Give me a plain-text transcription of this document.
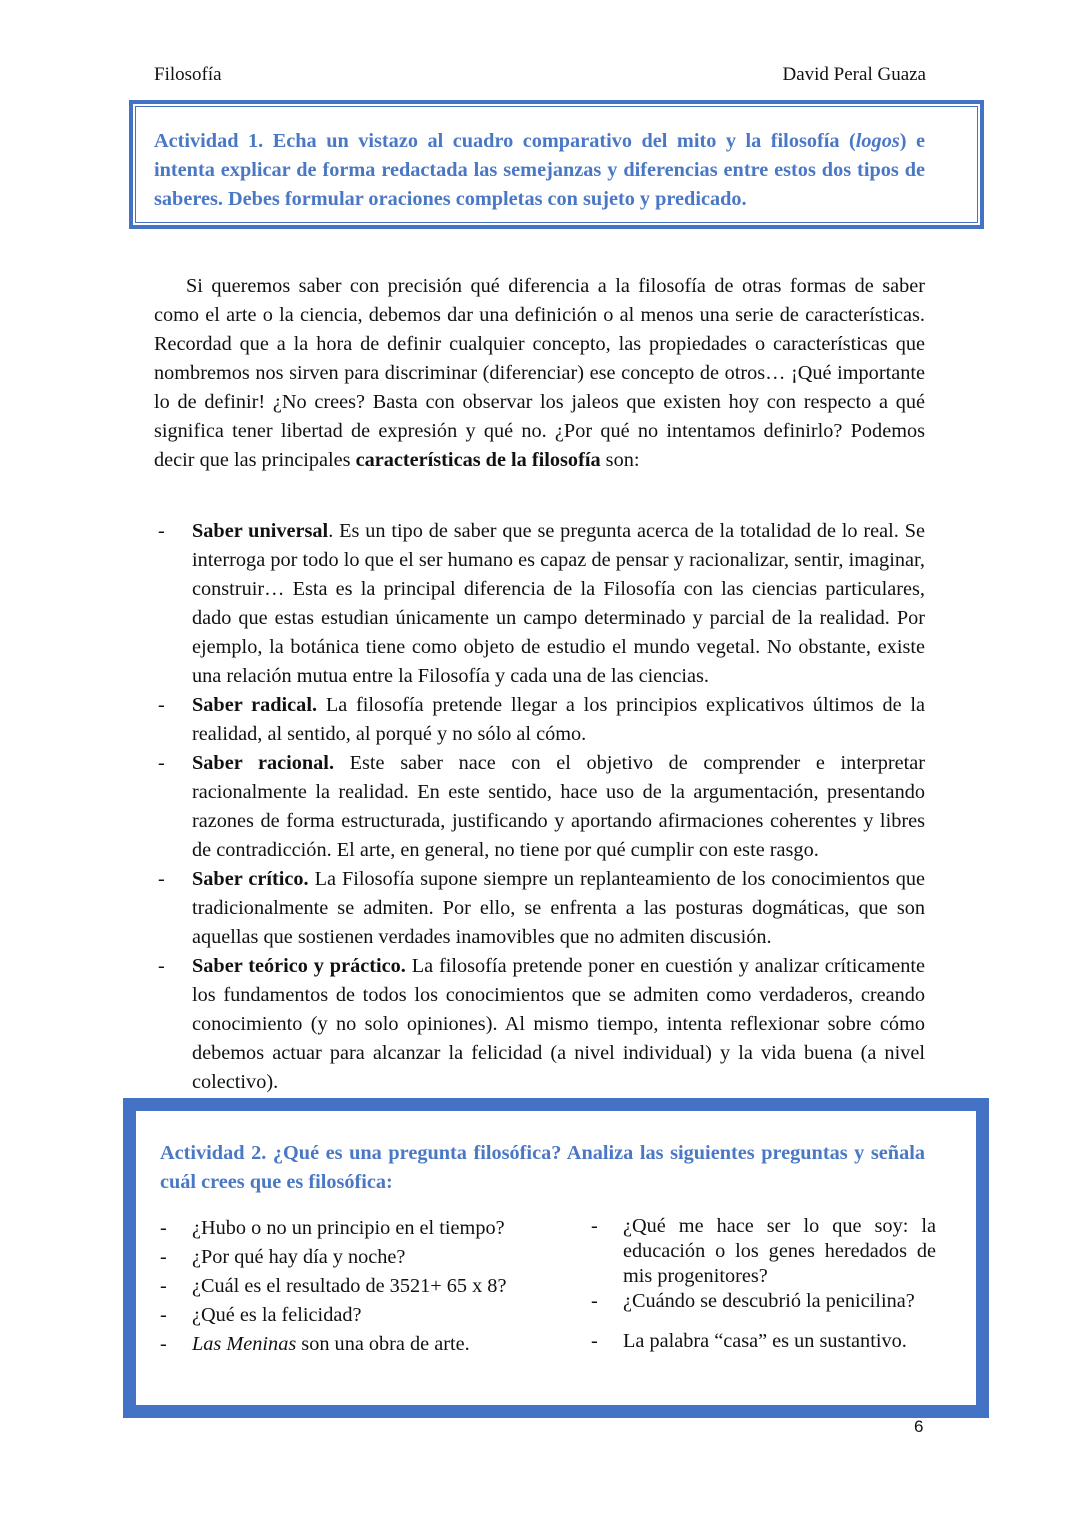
Filosofía	David Peral Guaza
Actividad 1. Echa un vistazo al cuadro comparativo del mito y la filosofía (logos) e intenta explicar de forma redactada las semejanzas y diferencias entre estos dos tipos de saberes. Debes formular oraciones completas con sujeto y predicado.
Si queremos saber con precisión qué diferencia a la filosofía de otras formas de saber como el arte o la ciencia, debemos dar una definición o al menos una serie de características. Recordad que a la hora de definir cualquier concepto, las propiedades o características que nombremos nos sirven para discriminar (diferenciar) ese concepto de otros… ¡Qué importante lo de definir! ¿No crees? Basta con observar los jaleos que existen hoy con respecto a qué significa tener libertad de expresión y qué no. ¿Por qué no intentamos definirlo? Podemos decir que las principales características de la filosofía son:
- Saber universal. Es un tipo de saber que se pregunta acerca de la totalidad de lo real. Se interroga por todo lo que el ser humano es capaz de pensar y racionalizar, sentir, imaginar, construir… Esta es la principal diferencia de la Filosofía con las ciencias particulares, dado que estas estudian únicamente un campo determinado y parcial de la realidad. Por ejemplo, la botánica tiene como objeto de estudio el mundo vegetal. No obstante, existe una relación mutua entre la Filosofía y cada una de las ciencias.
- Saber radical. La filosofía pretende llegar a los principios explicativos últimos de la realidad, al sentido, al porqué y no sólo al cómo.
- Saber racional. Este saber nace con el objetivo de comprender e interpretar racionalmente la realidad. En este sentido, hace uso de la argumentación, presentando razones de forma estructurada, justificando y aportando afirmaciones coherentes y libres de contradicción. El arte, en general, no tiene por qué cumplir con este rasgo.
- Saber crítico. La Filosofía supone siempre un replanteamiento de los conocimientos que tradicionalmente se admiten. Por ello, se enfrenta a las posturas dogmáticas, que son aquellas que sostienen verdades inamovibles que no admiten discusión.
- Saber teórico y práctico. La filosofía pretende poner en cuestión y analizar críticamente los fundamentos de todos los conocimientos que se admiten como verdaderos, creando conocimiento (y no solo opiniones). Al mismo tiempo, intenta reflexionar sobre cómo debemos actuar para alcanzar la felicidad (a nivel individual) y la vida buena (a nivel colectivo).
Actividad 2. ¿Qué es una pregunta filosófica? Analiza las siguientes preguntas y señala cuál crees que es filosófica:
- ¿Hubo o no un principio en el tiempo?
- ¿Por qué hay día y noche?
- ¿Cuál es el resultado de 3521+ 65 x 8?
- ¿Qué es la felicidad?
- Las Meninas son una obra de arte.
- ¿Qué me hace ser lo que soy: la educación o los genes heredados de mis progenitores?
- ¿Cuándo se descubrió la penicilina?
- La palabra “casa” es un sustantivo.
6
